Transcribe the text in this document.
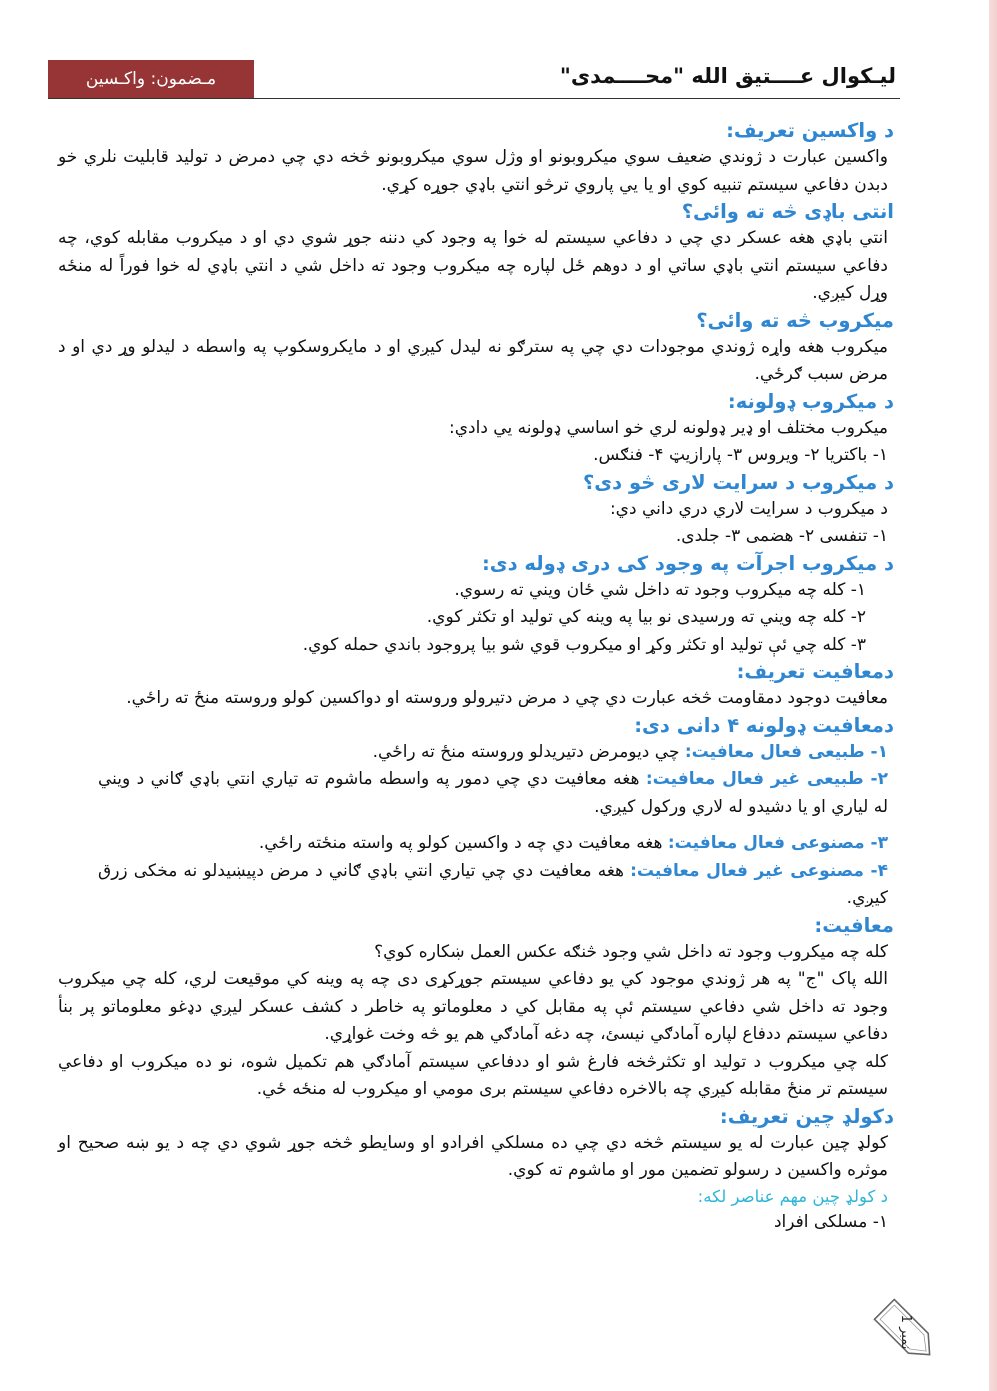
مـضمون: واکـسین	لیـکوال عــــتیق الله "محــــمدی"

د واکسین تعریف:

واکسین عبارت د ژوندي ضعيف سوي ميکروبونو او وژل سوي ميکروبونو څخه دي چي دمرض د توليد قابليت نلري خو دبدن دفاعي سيستم تنبيه کوي او يا يي پاروي ترڅو انتي باډي جوړه کړي.

انتی باډی څه ته وائی؟

انتي باډي هغه عسکر دي چي د دفاعي سيستم له خوا په وجود کي دننه جوړ شوي دي او د ميکروب مقابله کوي، چه دفاعي سيستم انتي باډي ساتي او د دوهم ځل لپاره چه ميکروب وجود ته داخل شي د انتي باډي له خوا فوراً له منځه وړل کيږي.

میکروب څه ته وائی؟

ميکروب هغه واړه ژوندي موجودات دي چي په سترګو نه ليدل کيږي او د مايکروسکوپ په واسطه د ليدلو وړ دي او د مرض سبب ګرځي.

د میکروب ډولونه:

ميکروب مختلف او ډير ډولونه لري خو اساسي ډولونه يي دادي:

۱- باکتریا ۲- ویروس ۳- پارازیټ ۴- فنګس.

د میکروب د سرایت لاری څو دی؟

د ميکروب د سرايت لاري دري داني دي:

۱- تنفسی ۲- هضمی ۳- جلدی.

د میکروب اجرآت په وجود کی دری ډوله دی:

۱- کله چه ميکروب وجود ته داخل شي ځان ويني ته رسوي.

۲- کله چه ويني ته ورسيدی نو بيا په وينه کي توليد او تکثر کوي.

۳- کله چي ئې توليد او تکثر وکړ او ميکروب قوي شو بيا پروجود باندي حمله کوي.

دمعافیت تعریف:

معافيت دوجود دمقاومت څخه عبارت دي چي د مرض دتيرولو وروسته او دواکسين کولو وروسته منځ ته راځي.

دمعافیت ډولونه ۴ دانی دی:

۱- طبیعی فعال معافیت: چي ديومرض دتيريدلو وروسته منځ ته راځي.

۲- طبیعی غیر فعال معافیت: هغه معافيت دي چي دمور په واسطه ماشوم ته تياري انتي باډي ګاني د ويني له لياري او يا دشيدو له لاري ورکول کيږي.

۳- مصنوعی فعال معافیت: هغه معافيت دي چه د واکسين کولو په واسته منځته راځي.

۴- مصنوعی غیر فعال معافیت: هغه معافيت دي چي تياري انتي باډي ګاني د مرض دپيښيدلو نه مخکی زرق کيږي.

معافیت:

کله چه ميکروب وجود ته داخل شي وجود څنګه عکس العمل ښکاره کوي؟

الله پاک "ج" په هر ژوندي موجود کي يو دفاعي سيستم جوړکړی دی چه په وينه کي موقيعت لري، کله چي ميکروب وجود ته داخل شي دفاعي سيستم ئې په مقابل کي د معلوماتو په خاطر د کشف عسکر ليږي دډغو معلوماتو پر بنأ دفاعي سيستم ددفاع لپاره آمادګي نيسئ، چه دغه آمادګي هم يو څه وخت غواړي.

کله چي ميکروب د توليد او تکثرڅخه فارغ شو او ددفاعي سيستم آمادګي هم تکميل شوه، نو ده ميکروب او دفاعي سيستم تر منځ مقابله کيږي چه بالاخره دفاعي سيستم بری مومي او ميکروب له منځه ځي.

دکولډ چین تعریف:

کولډ چين عبارت له يو سيستم څخه دي چي ده مسلکي افرادو او وسايطو څخه جوړ شوي دي چه د يو ښه صحيح او موثره واکسين د رسولو تضمين مور او ماشوم ته کوي.

د کولډ چین مهم عناصر لکه:

۱- مسلکی افراد

نمبر 1
